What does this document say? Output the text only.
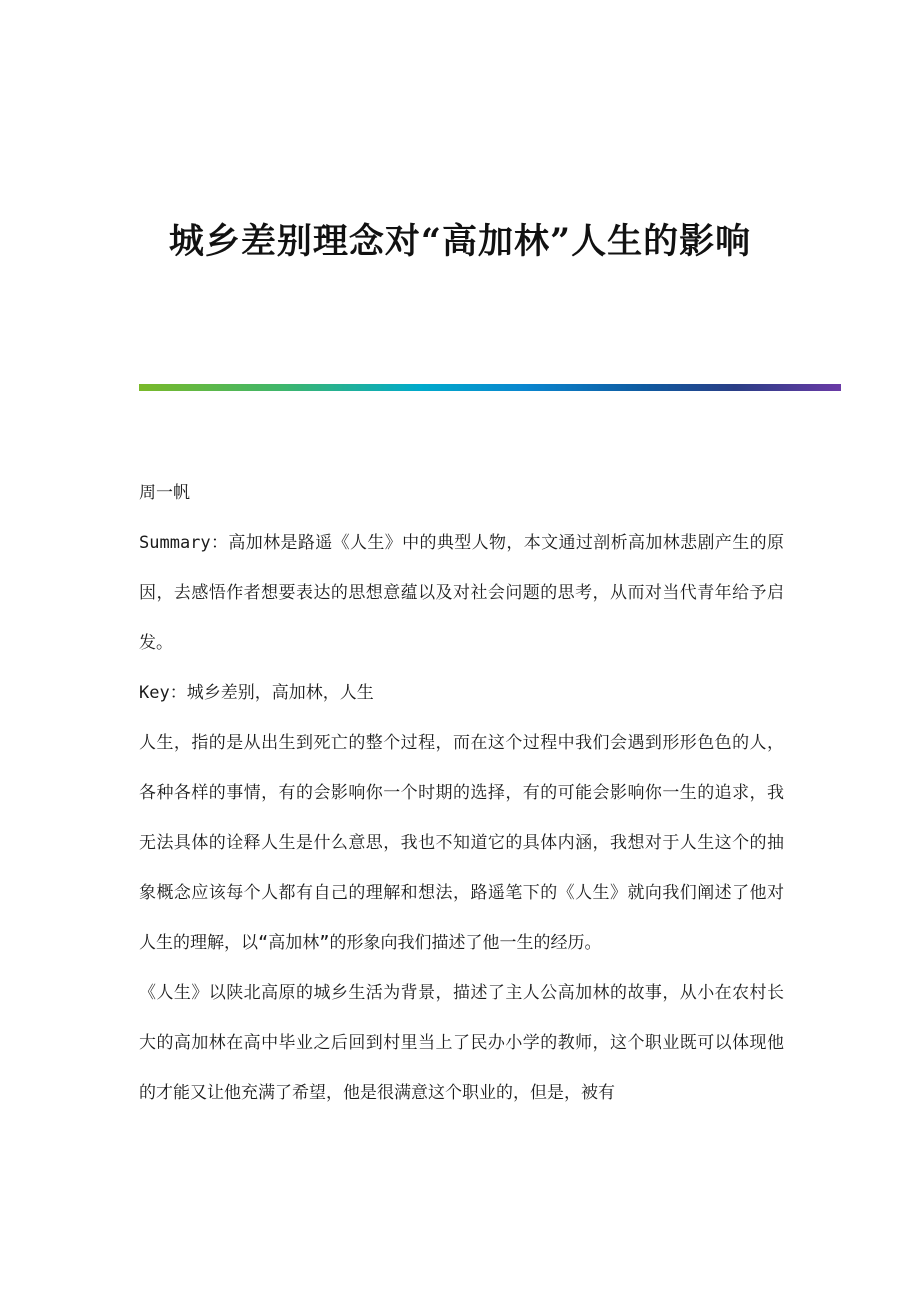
城乡差别理念对“高加林”人生的影响

周一帆

Summary：高加林是路遥《人生》中的典型人物，本文通过剖析高加林悲剧产生的原因，去感悟作者想要表达的思想意蕴以及对社会问题的思考，从而对当代青年给予启发。

Key：城乡差别，高加林，人生

人生，指的是从出生到死亡的整个过程，而在这个过程中我们会遇到形形色色的人，各种各样的事情，有的会影响你一个时期的选择，有的可能会影响你一生的追求，我无法具体的诠释人生是什么意思，我也不知道它的具体内涵，我想对于人生这个的抽象概念应该每个人都有自己的理解和想法，路遥笔下的《人生》就向我们阐述了他对人生的理解，以“高加林”的形象向我们描述了他一生的经历。

《人生》以陕北高原的城乡生活为背景，描述了主人公高加林的故事，从小在农村长大的高加林在高中毕业之后回到村里当上了民办小学的教师，这个职业既可以体现他的才能又让他充满了希望，他是很满意这个职业的，但是，被有
